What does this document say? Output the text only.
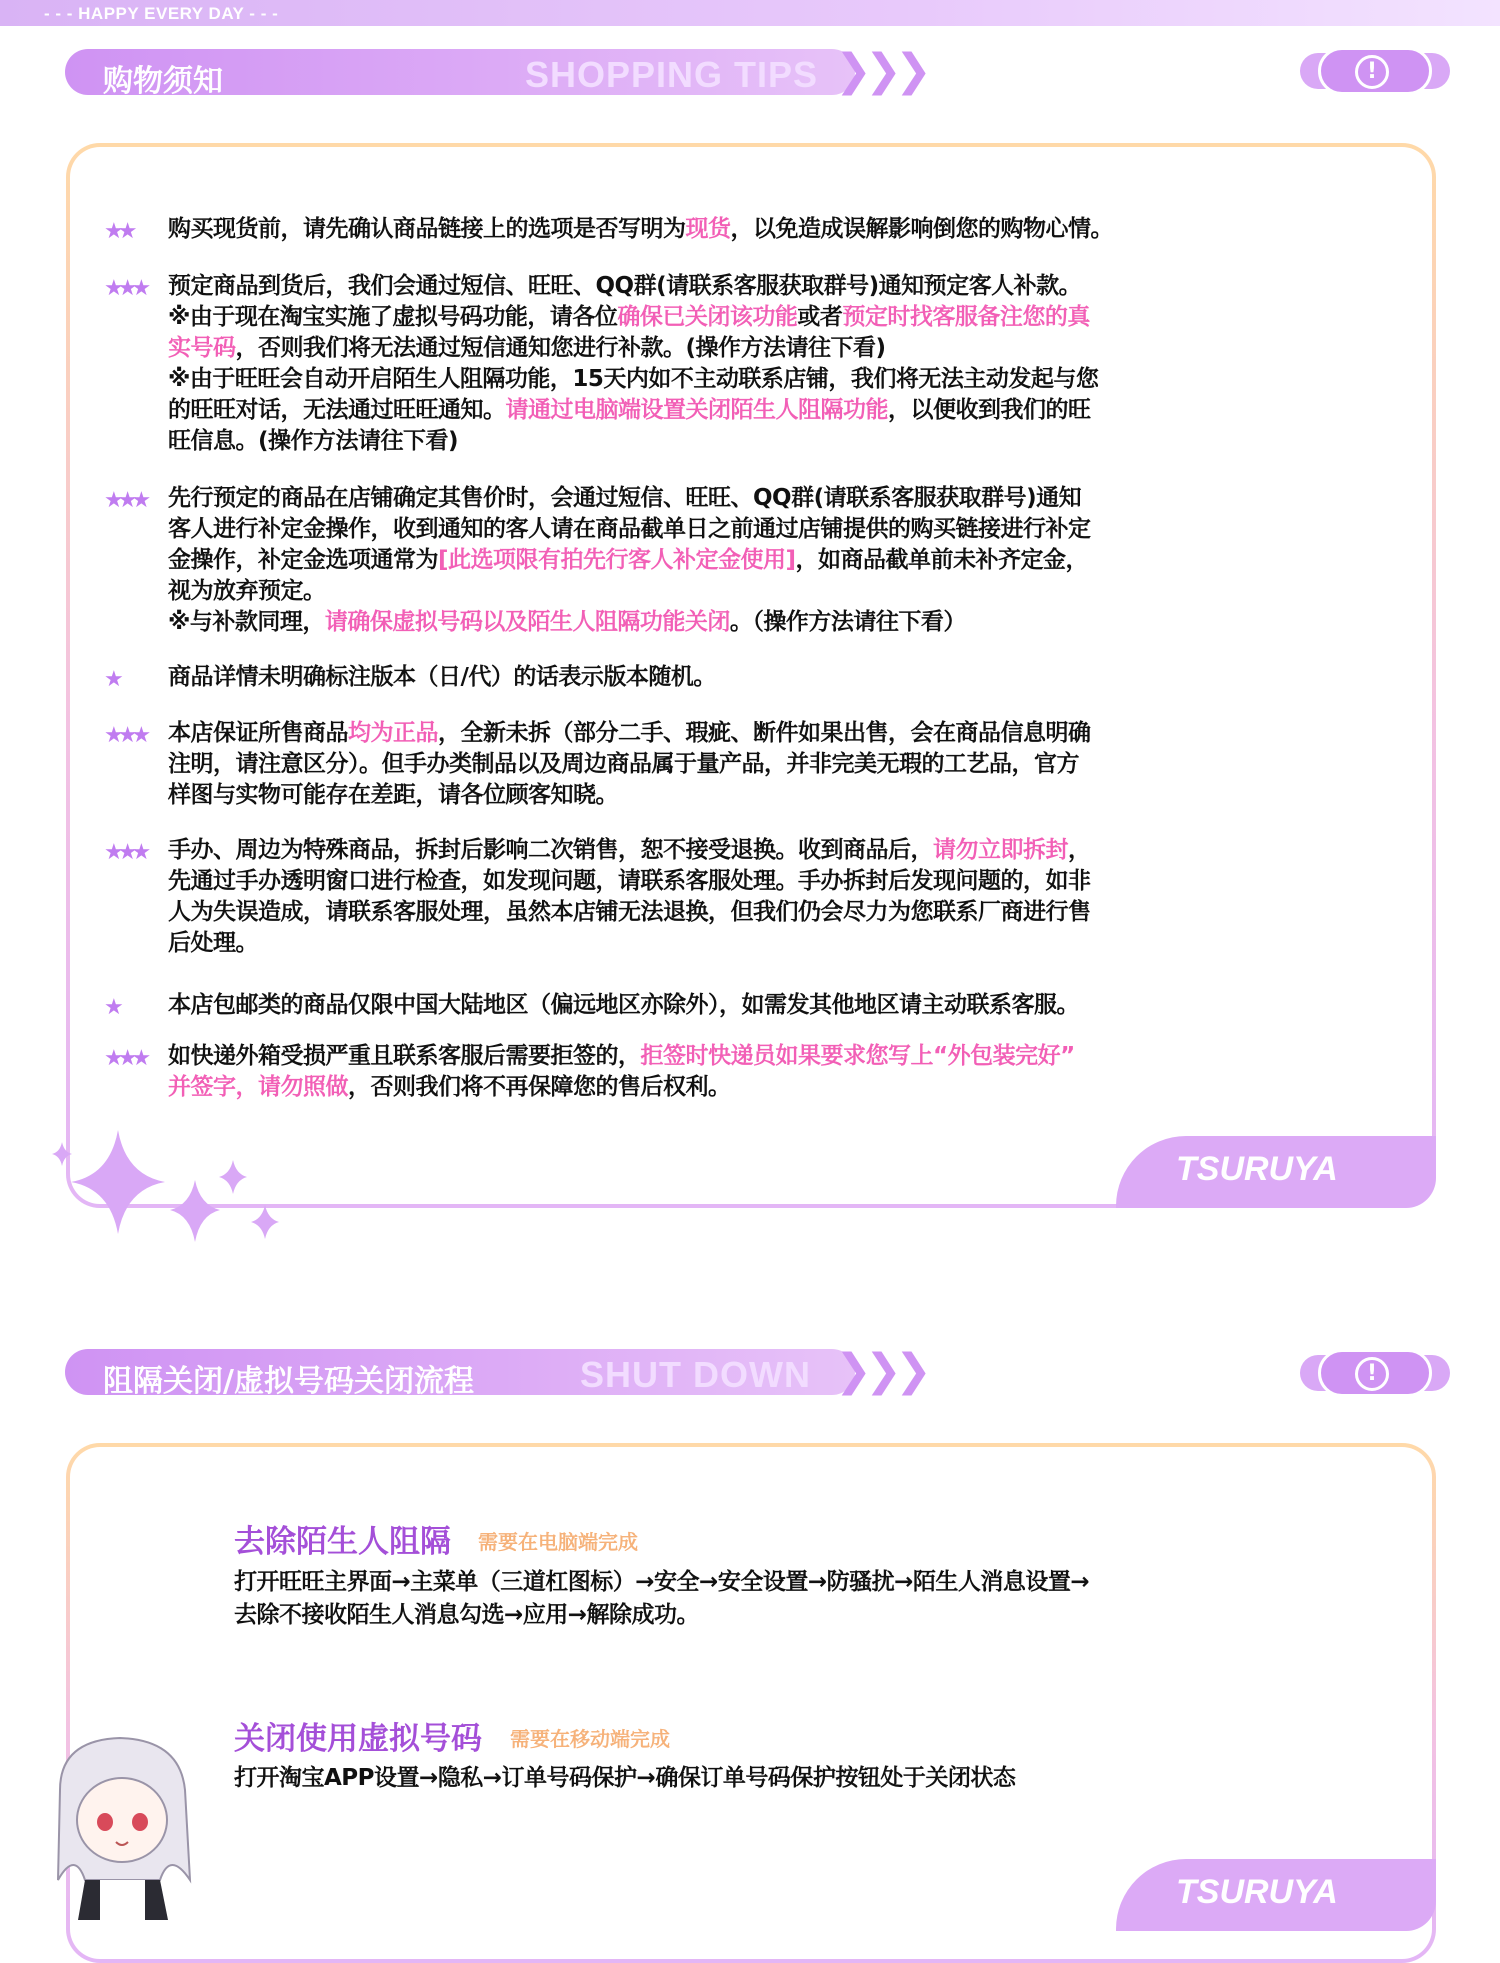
- - - HAPPY EVERY DAY - - -
购物须知	SHOPPING TIPS ❯
❯
❯	!
TSURUYA
★★ 购买现货前，请先确认商品链接上的选项是否写明为现货，以免造成误解影响倒您的购物心情。
★★★ 预定商品到货后，我们会通过短信、旺旺、QQ群(请联系客服获取群号)通知预定客人补款。
※由于现在淘宝实施了虚拟号码功能，请各位确保已关闭该功能或者预定时找客服备注您的真
实号码，否则我们将无法通过短信通知您进行补款。(操作方法请往下看)
※由于旺旺会自动开启陌生人阻隔功能，15天内如不主动联系店铺，我们将无法主动发起与您
的旺旺对话，无法通过旺旺通知。请通过电脑端设置关闭陌生人阻隔功能，以便收到我们的旺
旺信息。(操作方法请往下看)
★★★ 先行预定的商品在店铺确定其售价时，会通过短信、旺旺、QQ群(请联系客服获取群号)通知
客人进行补定金操作，收到通知的客人请在商品截单日之前通过店铺提供的购买链接进行补定
金操作，补定金选项通常为[此选项限有拍先行客人补定金使用]，如商品截单前未补齐定金，
视为放弃预定。
※与补款同理，请确保虚拟号码以及陌生人阻隔功能关闭。（操作方法请往下看）
★ 商品详情未明确标注版本（日/代）的话表示版本随机。
★★★ 本店保证所售商品均为正品，全新未拆（部分二手、瑕疵、断件如果出售，会在商品信息明确
注明，请注意区分）。但手办类制品以及周边商品属于量产品，并非完美无瑕的工艺品，官方
样图与实物可能存在差距，请各位顾客知晓。
★★★ 手办、周边为特殊商品，拆封后影响二次销售，恕不接受退换。收到商品后，请勿立即拆封，
先通过手办透明窗口进行检查，如发现问题，请联系客服处理。手办拆封后发现问题的，如非
人为失误造成，请联系客服处理，虽然本店铺无法退换，但我们仍会尽力为您联系厂商进行售
后处理。
★ 本店包邮类的商品仅限中国大陆地区（偏远地区亦除外），如需发其他地区请主动联系客服。
★★★ 如快递外箱受损严重且联系客服后需要拒签的，拒签时快递员如果要求您写上“外包装完好”
并签字，请勿照做，否则我们将不再保障您的售后权利。
阻隔关闭/虚拟号码关闭流程	SHUT DOWN ❯
❯
❯	!
TSURUYA
去除陌生人阻隔 需要在电脑端完成
打开旺旺主界面→主菜单（三道杠图标）→安全→安全设置→防骚扰→陌生人消息设置→
去除不接收陌生人消息勾选→应用→解除成功。
关闭使用虚拟号码 需要在移动端完成
打开淘宝APP设置→隐私→订单号码保护→确保订单号码保护按钮处于关闭状态
